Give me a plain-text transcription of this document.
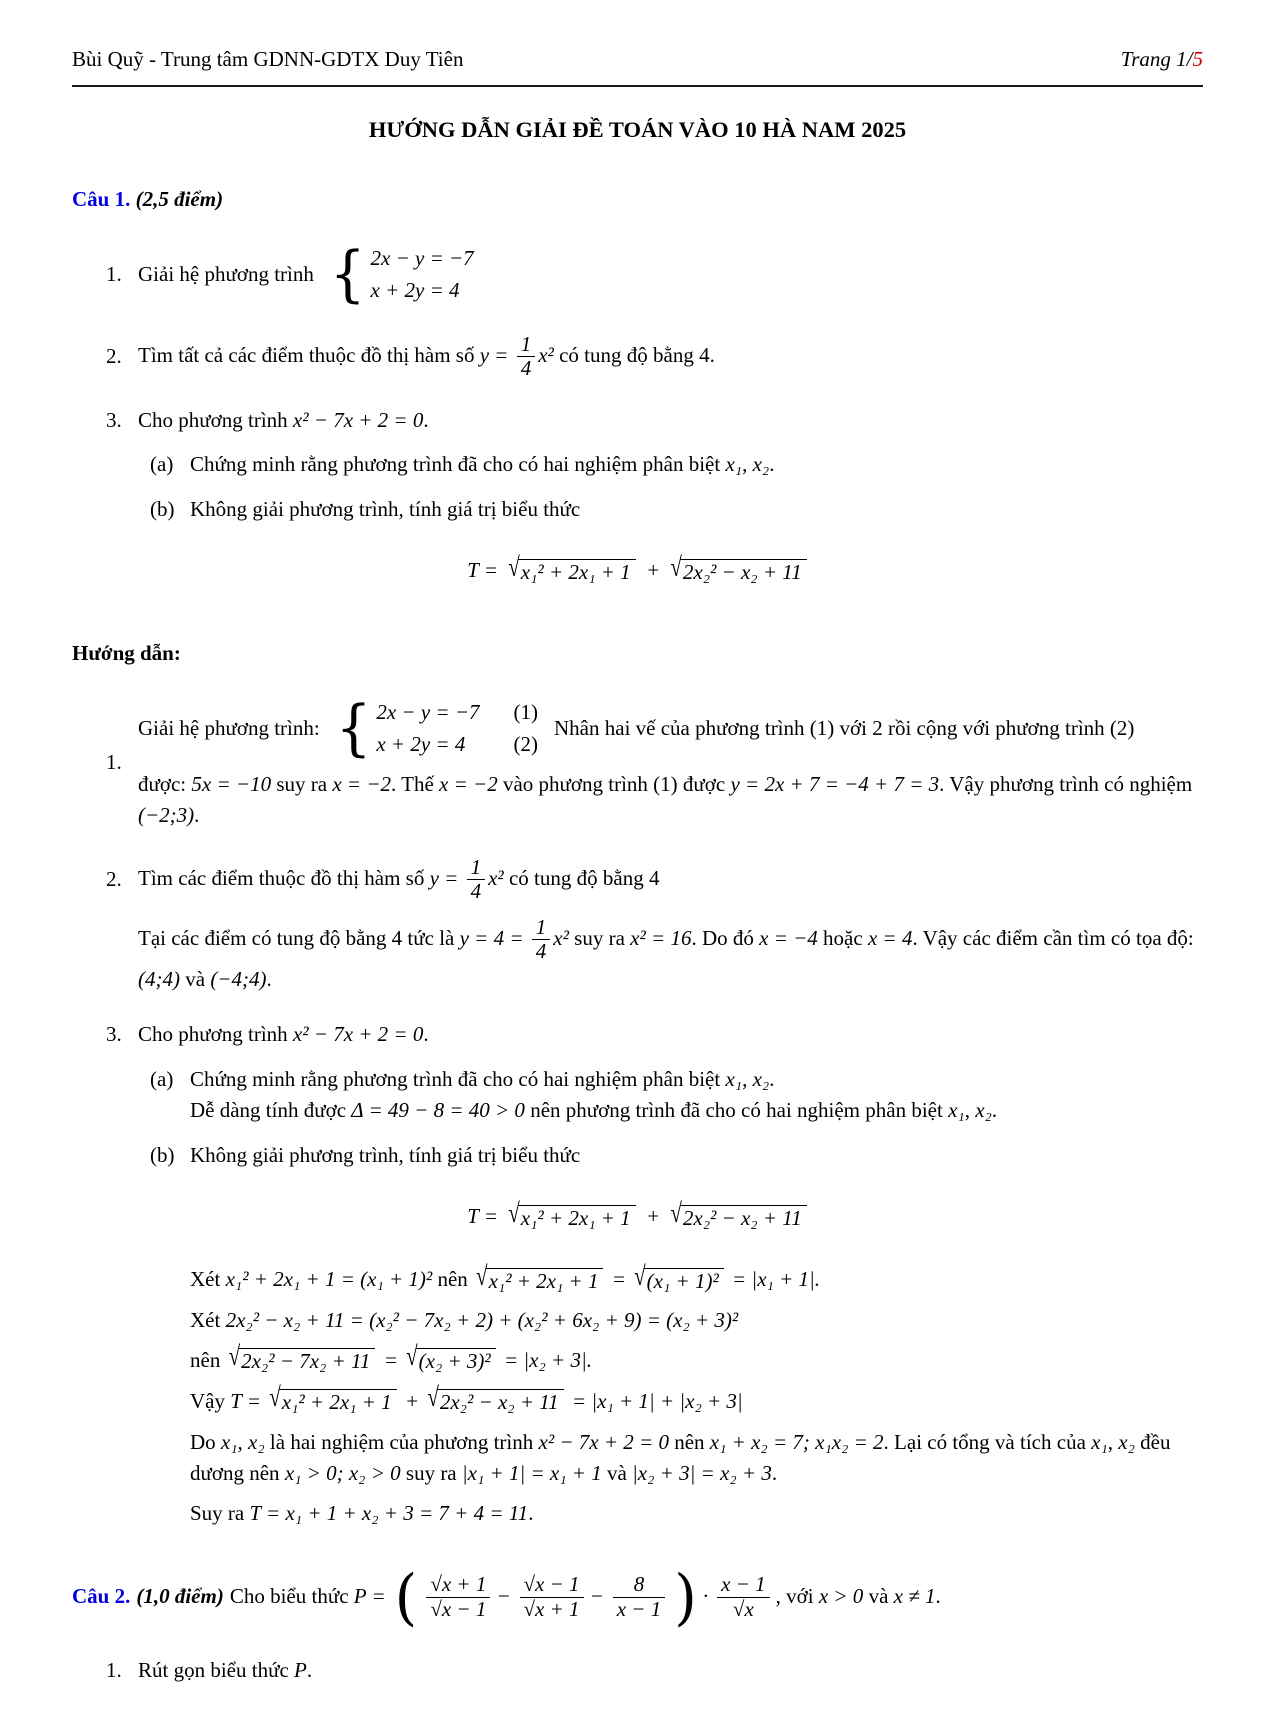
Bùi Quỹ - Trung tâm GDNN-GDTX Duy Tiên	Trang 1/5
HƯỚNG DẪN GIẢI ĐỀ TOÁN VÀO 10 HÀ NAM 2025
Câu 1. (2,5 điểm)
1. Giải hệ phương trình { 2x − y = −7
x + 2y = 4
2. Tìm tất cả các điểm thuộc đồ thị hàm số $y = \frac{1}{4} x^2$ có tung độ bằng 4.
3. Cho phương trình x² − 7x + 2 = 0.
(a) Chứng minh rằng phương trình đã cho có hai nghiệm phân biệt x₁, x₂.
(b) Không giải phương trình, tính giá trị biểu thức
T = √x₁² + 2x₁ + 1 + √2x₂² − x₂ + 11
Hướng dẫn:
1.
Giải hệ phương trình: { 2x − y = −7 (1)
x + 2y = 4 (2)
Nhân hai vế của phương trình (1) với 2 rồi cộng với phương trình (2)

được: 5x = −10 suy ra x = −2. Thế x = −2 vào phương trình (1) được y = 2x + 7 = −4 + 7 = 3. Vậy phương trình có nghiệm (−2;3).

2. Tìm các điểm thuộc đồ thị hàm số $y = \frac{1}{4} x^2$ có tung độ bằng 4
Tại các điểm có tung độ bằng 4 tức là $y = 4 = \frac{1}{4} x^2$ suy ra x² = 16. Do đó x = −4 hoặc x = 4. Vậy các điểm cần tìm có tọa độ: (4;4) và (−4;4).
3. Cho phương trình x² − 7x + 2 = 0.
(a) Chứng minh rằng phương trình đã cho có hai nghiệm phân biệt x₁, x₂.
Dễ dàng tính được Δ = 49 − 8 = 40 > 0 nên phương trình đã cho có hai nghiệm phân biệt x₁, x₂.
(b) Không giải phương trình, tính giá trị biểu thức
T = √x₁² + 2x₁ + 1 + √2x₂² − x₂ + 11
Xét x₁² + 2x₁ + 1 = (x₁ + 1)² nên √x₁² + 2x₁ + 1 = √(x₁ + 1)² = |x₁ + 1|.
Xét 2x₂² − x₂ + 11 = (x₂² − 7x₂ + 2) + (x₂² + 6x₂ + 9) = (x₂ + 3)²
nên √2x₂² − 7x₂ + 11 = √(x₂ + 3)² = |x₂ + 3|.
Vậy T = √x₁² + 2x₁ + 1 + √2x₂² − x₂ + 11 = |x₁ + 1| + |x₂ + 3|
Do x₁, x₂ là hai nghiệm của phương trình x² − 7x + 2 = 0 nên x₁ + x₂ = 7; x₁x₂ = 2. Lại có tổng và tích của x₁, x₂ đều dương nên x₁ > 0; x₂ > 0 suy ra |x₁ + 1| = x₁ + 1 và |x₂ + 3| = x₂ + 3.
Suy ra T = x₁ + 1 + x₂ + 3 = 7 + 4 = 11.
Câu 2. (1,0 điểm) Cho biểu thức P = ( $\frac{√x + 1}{√x - 1} - \frac{√x - 1}{√x + 1} - \frac{8}{x - 1}$ ) · $\frac{x - 1}{√x}$ , với x > 0 và x ≠ 1.
1. Rút gọn biểu thức P.
